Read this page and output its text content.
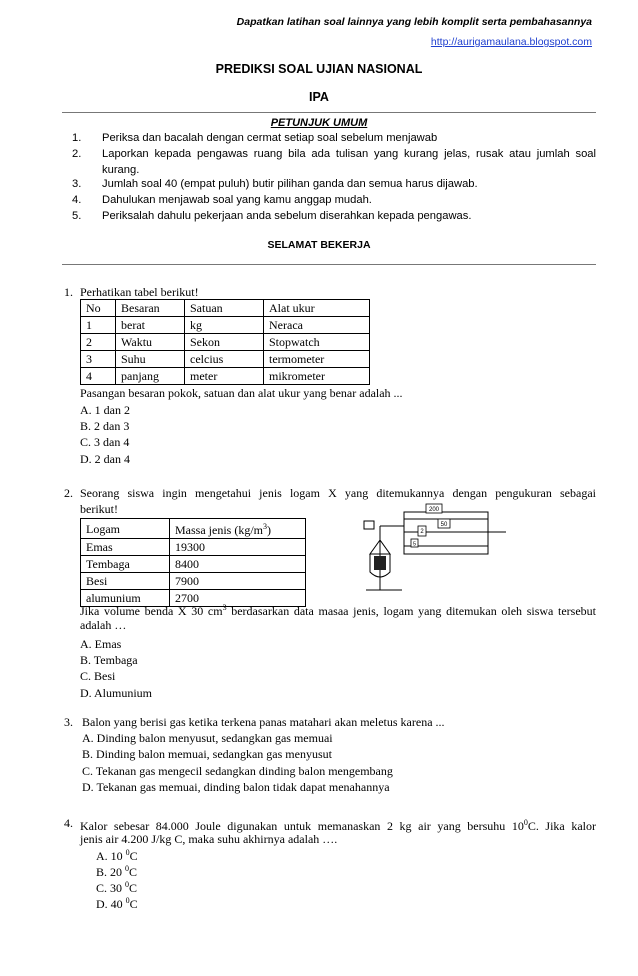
Dapatkan latihan soal lainnya yang lebih komplit serta pembahasannya
http://aurigamaulana.blogspot.com
PREDIKSI SOAL UJIAN NASIONAL
IPA
PETUNJUK UMUM
1. Periksa dan bacalah dengan cermat setiap soal sebelum menjawab
2. Laporkan kepada pengawas ruang bila ada tulisan yang kurang jelas, rusak atau jumlah soal kurang.
3. Jumlah soal 40 (empat puluh) butir pilihan ganda dan semua harus dijawab.
4. Dahulukan menjawab soal yang kamu anggap mudah.
5. Periksalah dahulu pekerjaan anda sebelum diserahkan kepada pengawas.
SELAMAT BEKERJA
1. Perhatikan tabel berikut!
No	Besaran	Satuan	Alat ukur
1	berat	kg	Neraca
2	Waktu	Sekon	Stopwatch
3	Suhu	celcius	termometer
4	panjang	meter	mikrometer
Pasangan besaran pokok, satuan dan alat ukur yang benar adalah ...
A. 1 dan 2
B. 2 dan 3
C. 3 dan 4
D. 2 dan 4
2. Seorang siswa ingin mengetahui jenis logam X yang ditemukannya dengan pengukuran sebagai
berikut!
Logam	Massa jenis $(kg/m^3)$
Emas	19300
Tembaga	8400
Besi	7900
alumunium	2700
200
50
2
5
Jika volume benda X 30 $cm^3$ berdasarkan data masaa jenis, logam yang ditemukan oleh siswa tersebut
adalah …
A. Emas
B. Tembaga
C. Besi
D. Alumunium
3. Balon yang berisi gas ketika terkena panas matahari akan meletus karena ...
A. Dinding balon menyusut, sedangkan gas memuai
B. Dinding balon memuai, sedangkan gas menyusut
C. Tekanan gas mengecil sedangkan dinding balon mengembang
D. Tekanan gas memuai, dinding balon tidak dapat menahannya
4. Kalor sebesar 84.000 Joule digunakan untuk memanaskan 2 kg air yang bersuhu $10^0C$. Jika kalor
jenis air 4.200 J/kg C, maka suhu akhirnya adalah ….
A. 10 $^0$C
B. 20 $^0$C
C. 30 $^0$C
D. 40 $^0$C
